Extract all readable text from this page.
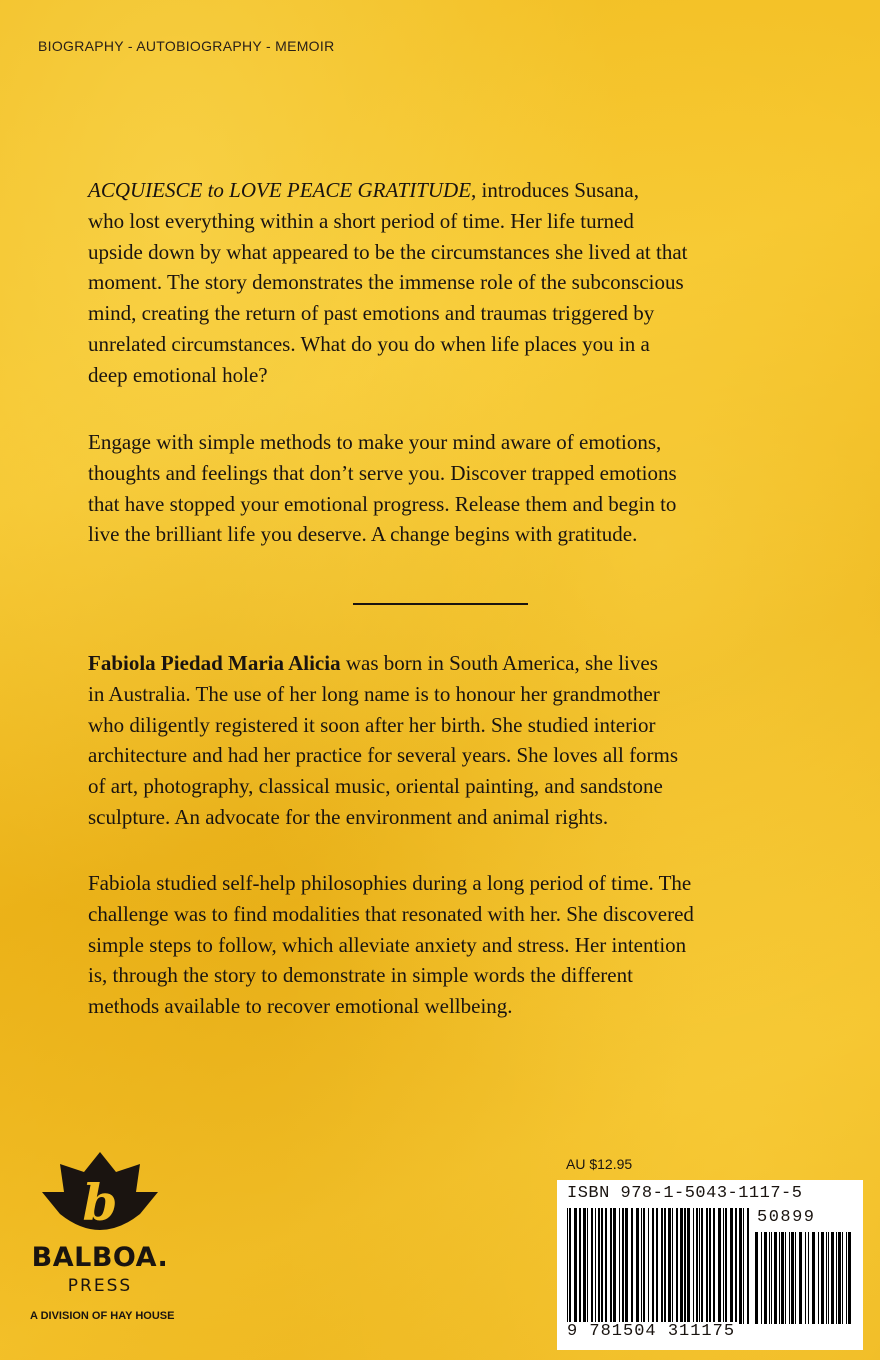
BIOGRAPHY - AUTOBIOGRAPHY - MEMOIR
ACQUIESCE to LOVE PEACE GRATITUDE, introduces Susana,
who lost everything within a short period of time. Her life turned
upside down by what appeared to be the circumstances she lived at that
moment. The story demonstrates the immense role of the subconscious
mind, creating the return of past emotions and traumas triggered by
unrelated circumstances. What do you do when life places you in a
deep emotional hole?
Engage with simple methods to make your mind aware of emotions,
thoughts and feelings that don’t serve you. Discover trapped emotions
that have stopped your emotional progress. Release them and begin to
live the brilliant life you deserve. A change begins with gratitude.
Fabiola Piedad Maria Alicia was born in South America, she lives
in Australia. The use of her long name is to honour her grandmother
who diligently registered it soon after her birth. She studied interior
architecture and had her practice for several years. She loves all forms
of art, photography, classical music, oriental painting, and sandstone
sculpture. An advocate for the environment and animal rights.
Fabiola studied self-help philosophies during a long period of time. The
challenge was to find modalities that resonated with her. She discovered
simple steps to follow, which alleviate anxiety and stress. Her intention
is, through the story to demonstrate in simple words the different
methods available to recover emotional wellbeing.
b
BALBOA.
PRESS
A DIVISION OF HAY HOUSE
AU $12.95
ISBN 978-1-5043-1117-5
50899
9 781504 311175
